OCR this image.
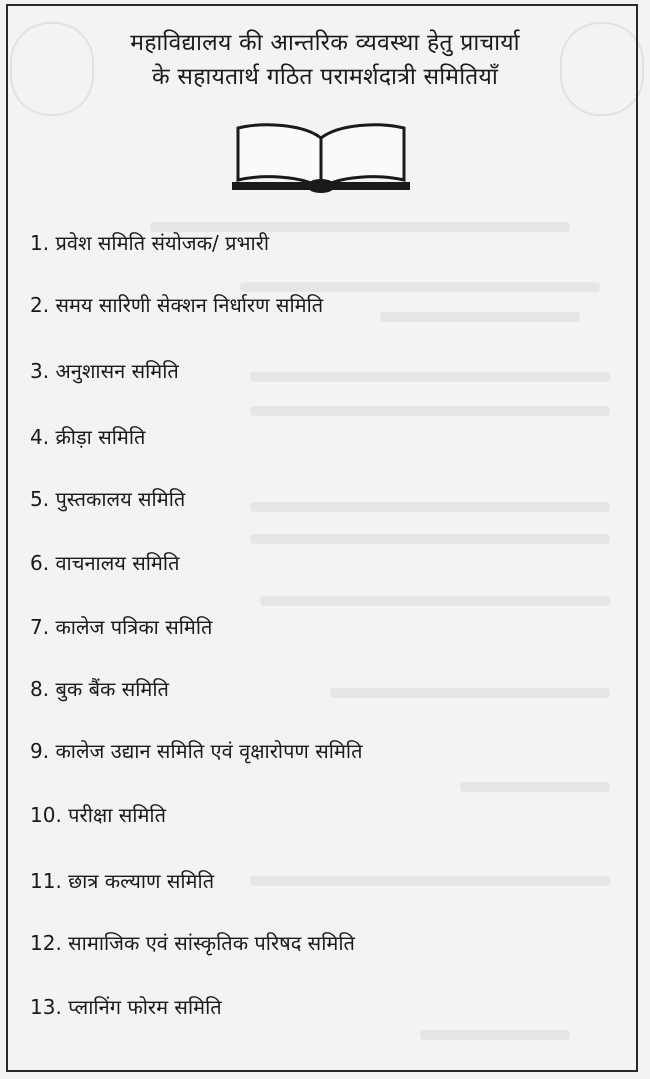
महाविद्यालय की आन्तरिक व्यवस्था हेतु प्राचार्या
के सहायतार्थ गठित परामर्शदात्री समितियाँ
1. प्रवेश समिति संयोजक/ प्रभारी
2. समय सारिणी सेक्शन निर्धारण समिति
3. अनुशासन समिति
4. क्रीड़ा समिति
5. पुस्तकालय समिति
6. वाचनालय समिति
7. कालेज पत्रिका समिति
8. बुक बैंक समिति
9. कालेज उद्यान समिति एवं वृक्षारोपण समिति
10. परीक्षा समिति
11. छात्र कल्याण समिति
12. सामाजिक एवं सांस्कृतिक परिषद समिति
13. प्लानिंग फोरम समिति
